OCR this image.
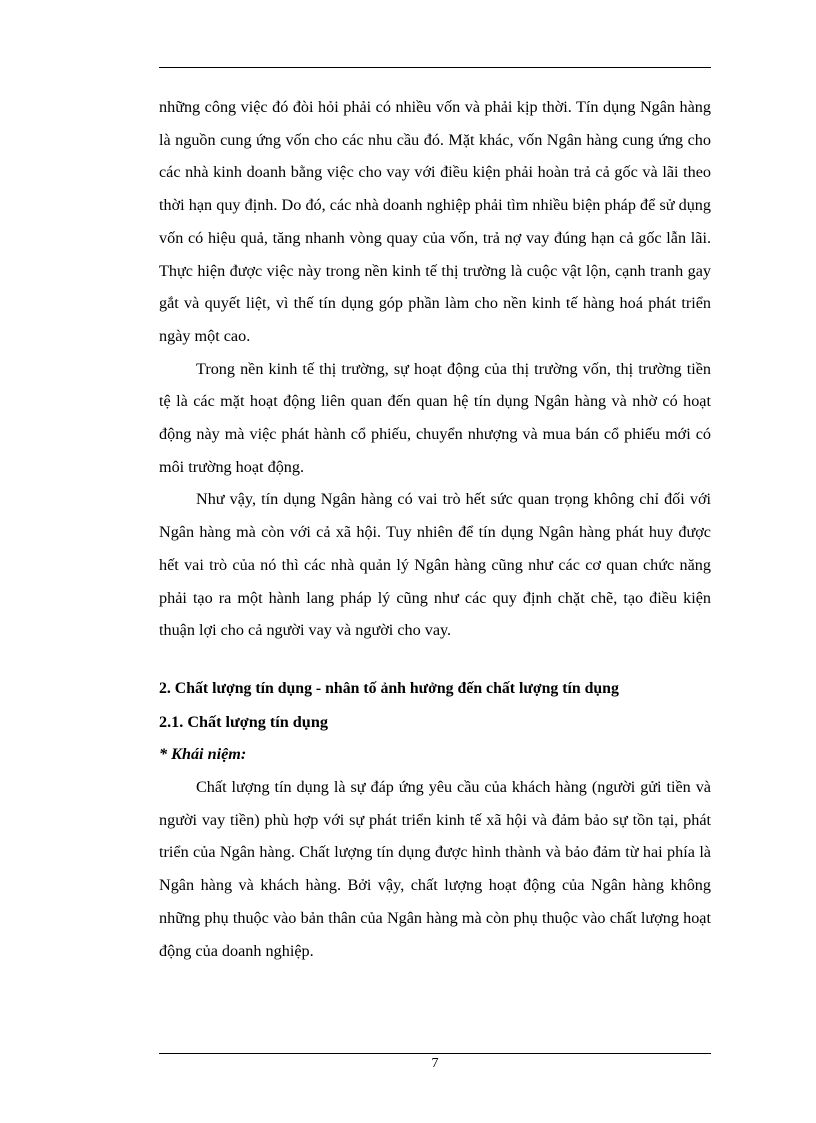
những công việc đó đòi hỏi phải có nhiều vốn và phải kịp thời. Tín dụng Ngân hàng là nguồn cung ứng vốn cho các nhu cầu đó. Mặt khác, vốn Ngân hàng cung ứng cho các nhà kinh doanh bằng việc cho vay với điều kiện phải hoàn trả cả gốc và lãi theo thời hạn quy định. Do đó, các nhà doanh nghiệp phải tìm nhiều biện pháp để sử dụng vốn có hiệu quả, tăng nhanh vòng quay của vốn, trả nợ vay đúng hạn cả gốc lẫn lãi. Thực hiện được việc này trong nền kinh tế thị trường là cuộc vật lộn, cạnh tranh gay gắt và quyết liệt, vì thế tín dụng góp phần làm cho nền kinh tế hàng hoá phát triển ngày một cao.

Trong nền kinh tế thị trường, sự hoạt động của thị trường vốn, thị trường tiền tệ là các mặt hoạt động liên quan đến quan hệ tín dụng Ngân hàng và nhờ có hoạt động này mà việc phát hành cổ phiếu, chuyển nhượng và mua bán cổ phiếu mới có môi trường hoạt động.

Như vậy, tín dụng Ngân hàng có vai trò hết sức quan trọng không chỉ đối với Ngân hàng mà còn với cả xã hội. Tuy nhiên để tín dụng Ngân hàng phát huy được hết vai trò của nó thì các nhà quản lý Ngân hàng cũng như các cơ quan chức năng phải tạo ra một hành lang pháp lý cũng như các quy định chặt chẽ, tạo điều kiện thuận lợi cho cả người vay và người cho vay.

2. Chất lượng tín dụng - nhân tố ảnh hưởng đến chất lượng tín dụng

2.1. Chất lượng tín dụng

* Khái niệm:

Chất lượng tín dụng là sự đáp ứng yêu cầu của khách hàng (người gửi tiền và người vay tiền) phù hợp với sự phát triển kinh tế xã hội và đảm bảo sự tồn tại, phát triển của Ngân hàng. Chất lượng tín dụng được hình thành và bảo đảm từ hai phía là Ngân hàng và khách hàng. Bởi vậy, chất lượng hoạt động của Ngân hàng không những phụ thuộc vào bản thân của Ngân hàng mà còn phụ thuộc vào chất lượng hoạt động của doanh nghiệp.

7
